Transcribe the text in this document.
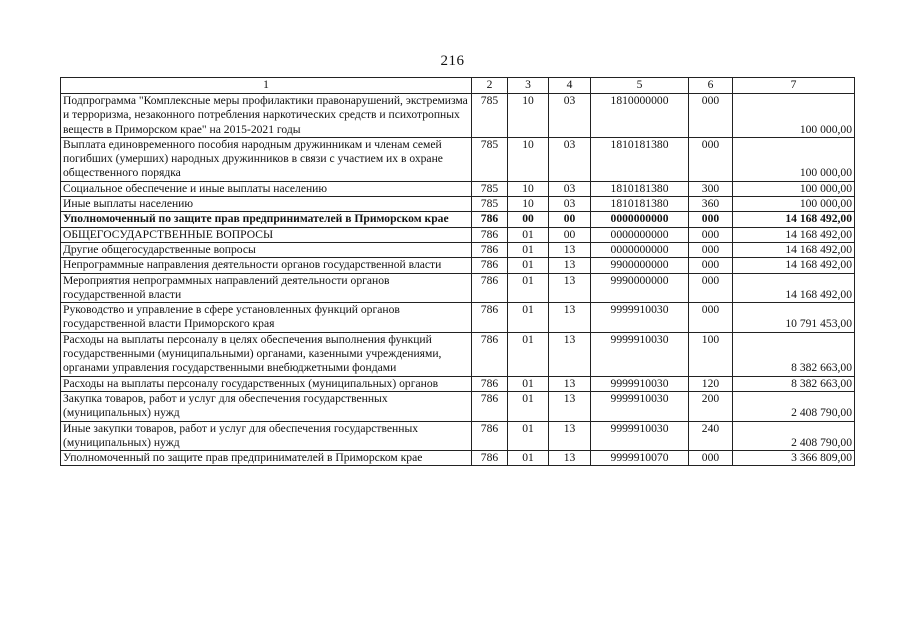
216
1	2	3	4	5	6	7
Подпрограмма "Комплексные меры профилактики правонарушений, экстремизма и терроризма, незаконного потребления наркотических средств и психотропных веществ в Приморском крае" на 2015-2021 годы	785	10	03	1810000000	000	100 000,00
Выплата единовременного пособия народным дружинникам и членам семей погибших (умерших) народных дружинников в связи с участием их в охране общественного порядка	785	10	03	1810181380	000	100 000,00
Социальное обеспечение и иные выплаты населению	785	10	03	1810181380	300	100 000,00
Иные выплаты населению	785	10	03	1810181380	360	100 000,00
Уполномоченный по защите прав предпринимателей в Приморском крае	786	00	00	0000000000	000	14 168 492,00
ОБЩЕГОСУДАРСТВЕННЫЕ ВОПРОСЫ	786	01	00	0000000000	000	14 168 492,00
Другие общегосударственные вопросы	786	01	13	0000000000	000	14 168 492,00
Непрограммные направления деятельности органов государственной власти	786	01	13	9900000000	000	14 168 492,00
Мероприятия непрограммных направлений деятельности органов государственной власти	786	01	13	9990000000	000	14 168 492,00
Руководство и управление в сфере установленных функций органов государственной власти Приморского края	786	01	13	9999910030	000	10 791 453,00
Расходы на выплаты персоналу в целях обеспечения выполнения функций государственными (муниципальными) органами, казенными учреждениями, органами управления государственными внебюджетными фондами	786	01	13	9999910030	100	8 382 663,00
Расходы на выплаты персоналу государственных (муниципальных) органов	786	01	13	9999910030	120	8 382 663,00
Закупка товаров, работ и услуг для обеспечения государственных (муниципальных) нужд	786	01	13	9999910030	200	2 408 790,00
Иные закупки товаров, работ и услуг для обеспечения государственных (муниципальных) нужд	786	01	13	9999910030	240	2 408 790,00
Уполномоченный по защите прав предпринимателей в Приморском крае	786	01	13	9999910070	000	3 366 809,00
